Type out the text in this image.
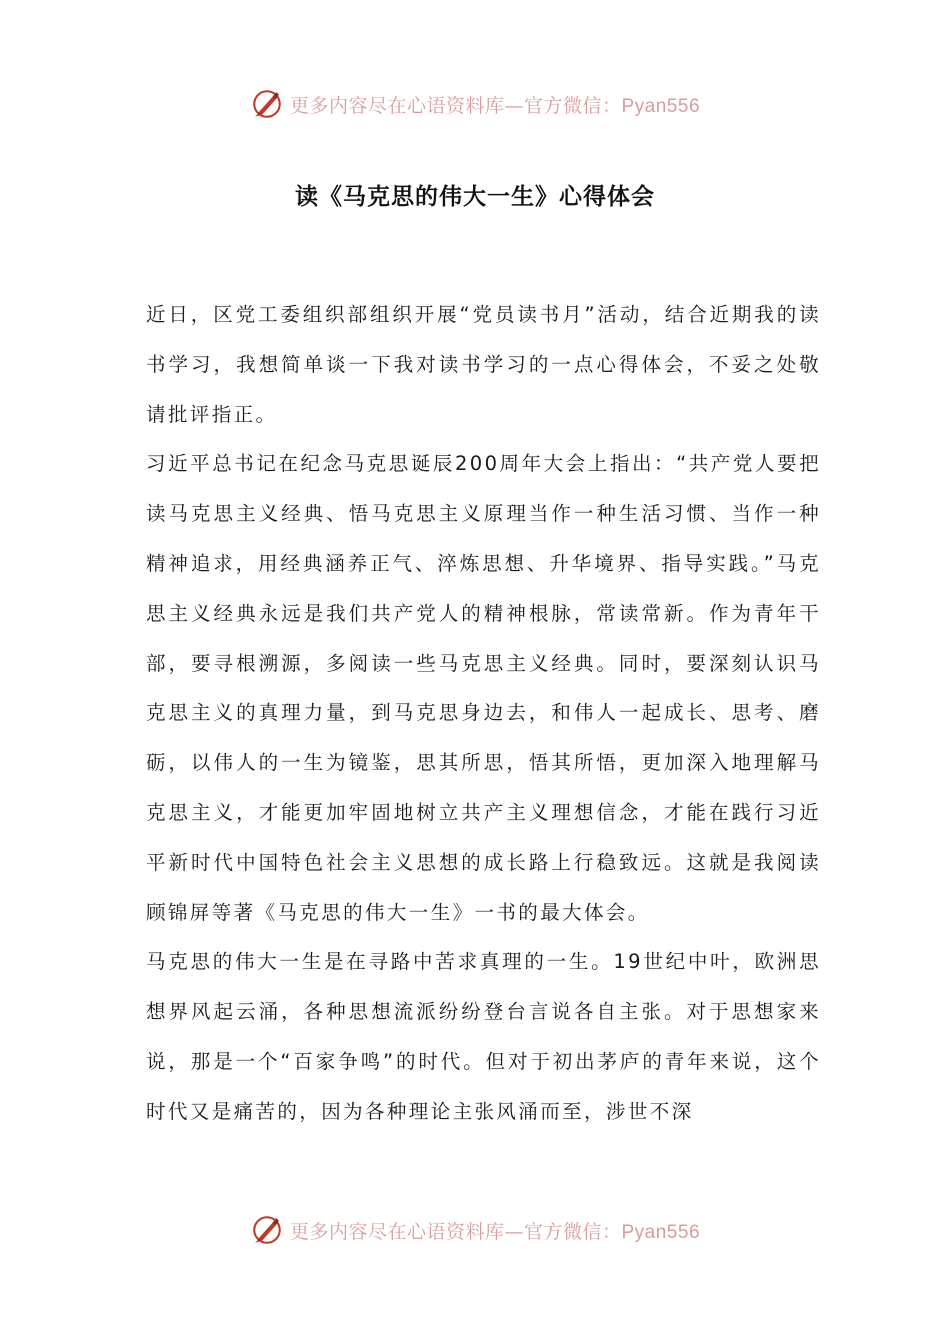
更多内容尽在心语资料库—官方微信：Pyan556
读《马克思的伟大一生》心得体会

近日，区党工委组织部组织开展“党员读书月”活动，结合近期我的读书学习，我想简单谈一下我对读书学习的一点心得体会，不妥之处敬请批评指正。

习近平总书记在纪念马克思诞辰200周年大会上指出：“共产党人要把读马克思主义经典、悟马克思主义原理当作一种生活习惯、当作一种精神追求，用经典涵养正气、淬炼思想、升华境界、指导实践。”马克思主义经典永远是我们共产党人的精神根脉，常读常新。作为青年干部，要寻根溯源，多阅读一些马克思主义经典。同时，要深刻认识马克思主义的真理力量，到马克思身边去，和伟人一起成长、思考、磨砺，以伟人的一生为镜鉴，思其所思，悟其所悟，更加深入地理解马克思主义，才能更加牢固地树立共产主义理想信念，才能在践行习近平新时代中国特色社会主义思想的成长路上行稳致远。这就是我阅读顾锦屏等著《马克思的伟大一生》一书的最大体会。

马克思的伟大一生是在寻路中苦求真理的一生。19世纪中叶，欧洲思想界风起云涌，各种思想流派纷纷登台言说各自主张。对于思想家来说，那是一个“百家争鸣”的时代。但对于初出茅庐的青年来说，这个时代又是痛苦的，因为各种理论主张风涌而至，涉世不深

更多内容尽在心语资料库—官方微信：Pyan556
